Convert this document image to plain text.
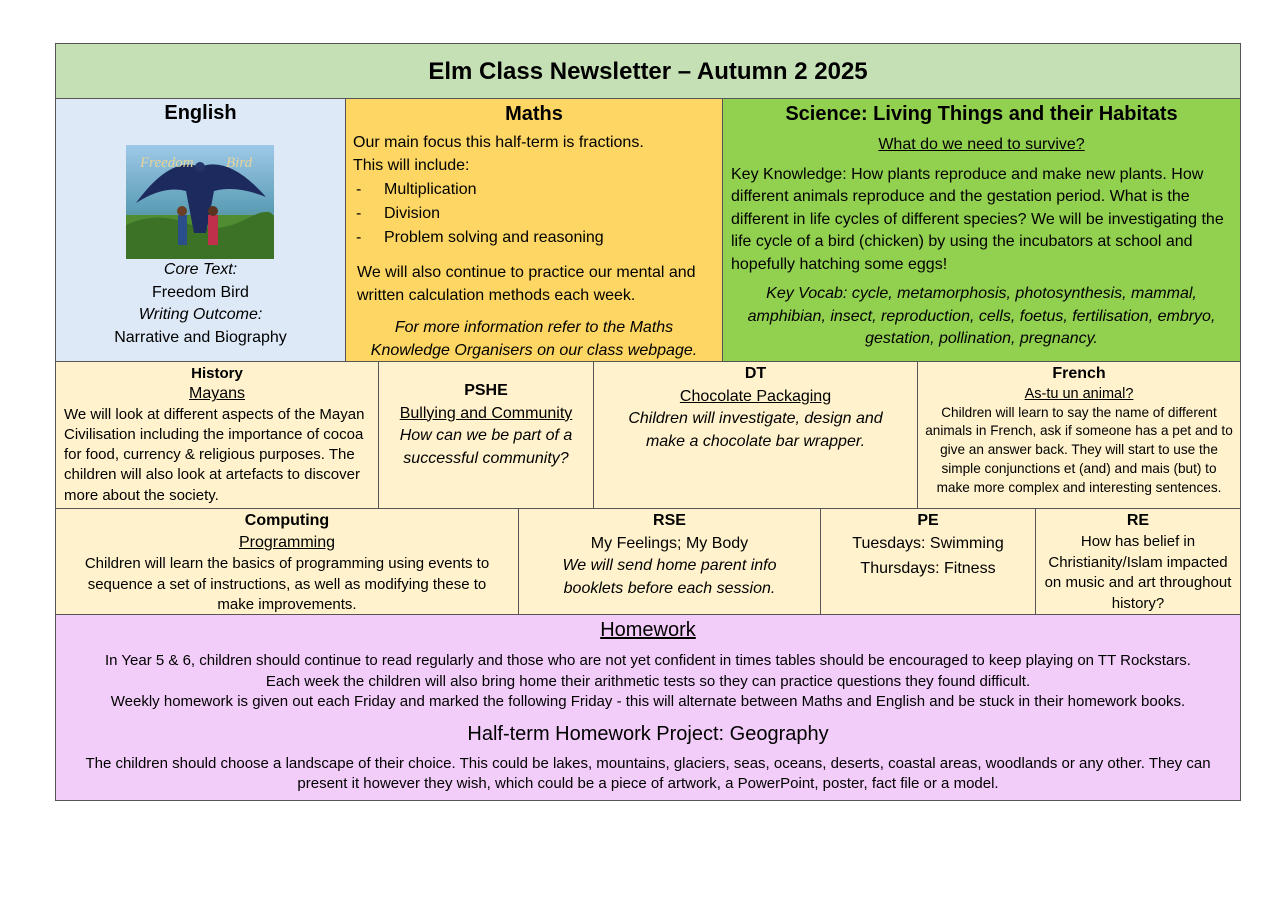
Elm Class Newsletter – Autumn 2 2025

English

Freedom Bird

Core Text:

Freedom Bird

Writing Outcome:

Narrative and Biography

Maths

Our main focus this half-term is fractions.

This will include:

-	Multiplication
-	Division
-	Problem solving and reasoning

We will also continue to practice our mental and written calculation methods each week.

For more information refer to the Maths Knowledge Organisers on our class webpage.

Science: Living Things and their Habitats

What do we need to survive?

Key Knowledge: How plants reproduce and make new plants. How different animals reproduce and the gestation period. What is the different in life cycles of different species? We will be investigating the life cycle of a bird (chicken) by using the incubators at school and hopefully hatching some eggs!

Key Vocab: cycle, metamorphosis, photosynthesis, mammal, amphibian, insect, reproduction, cells, foetus, fertilisation, embryo, gestation, pollination, pregnancy.

History

Mayans

We will look at different aspects of the Mayan Civilisation including the importance of cocoa for food, currency & religious purposes. The children will also look at artefacts to discover more about the society.

PSHE

Bullying and Community

How can we be part of a successful community?

DT

Chocolate Packaging

Children will investigate, design and make a chocolate bar wrapper.

French

As-tu un animal?

Children will learn to say the name of different animals in French, ask if someone has a pet and to give an answer back. They will start to use the simple conjunctions et (and) and mais (but) to make more complex and interesting sentences.

Computing

Programming

Children will learn the basics of programming using events to sequence a set of instructions, as well as modifying these to make improvements.

RSE

My Feelings; My Body

We will send home parent info booklets before each session.

PE

Tuesdays: Swimming

Thursdays: Fitness

RE

How has belief in Christianity/Islam impacted on music and art throughout history?

Homework

In Year 5 & 6, children should continue to read regularly and those who are not yet confident in times tables should be encouraged to keep playing on TT Rockstars.

Each week the children will also bring home their arithmetic tests so they can practice questions they found difficult.

Weekly homework is given out each Friday and marked the following Friday - this will alternate between Maths and English and be stuck in their homework books.

Half-term Homework Project: Geography

The children should choose a landscape of their choice. This could be lakes, mountains, glaciers, seas, oceans, deserts, coastal areas, woodlands or any other. They can present it however they wish, which could be a piece of artwork, a PowerPoint, poster, fact file or a model.
